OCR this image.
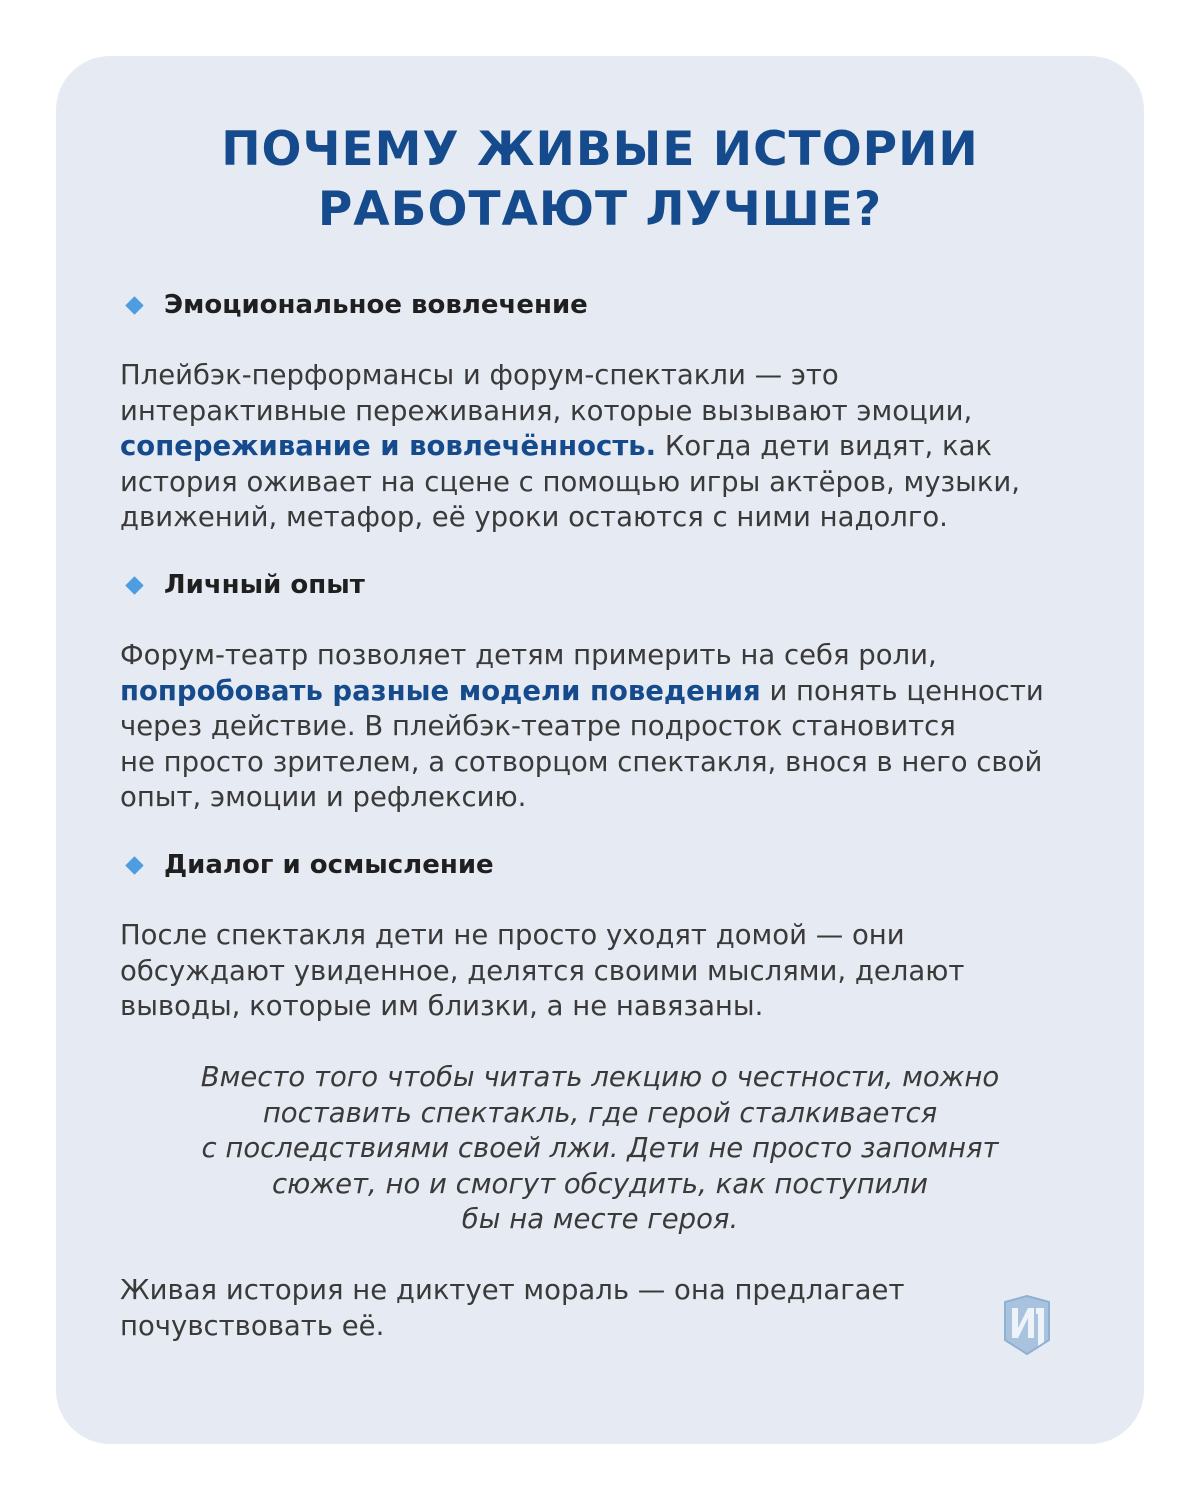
ПОЧЕМУ ЖИВЫЕ ИСТОРИИ
РАБОТАЮТ ЛУЧШЕ?
Эмоциональное вовлечение

Плейбэк-перформансы и форум-спектакли — это
интерактивные переживания, которые вызывают эмоции,
сопереживание и вовлечённость. Когда дети видят, как
история оживает на сцене с помощью игры актёров, музыки,
движений, метафор, её уроки остаются с ними надолго.

Личный опыт

Форум-театр позволяет детям примерить на себя роли,
попробовать разные модели поведения и понять ценности
через действие. В плейбэк-театре подросток становится
не просто зрителем, а сотворцом спектакля, внося в него свой
опыт, эмоции и рефлексию.

Диалог и осмысление

После спектакля дети не просто уходят домой — они
обсуждают увиденное, делятся своими мыслями, делают
выводы, которые им близки, а не навязаны.

Вместо того чтобы читать лекцию о честности, можно
поставить спектакль, где герой сталкивается
с последствиями своей лжи. Дети не просто запомнят
сюжет, но и смогут обсудить, как поступили
бы на месте героя.

Живая история не диктует мораль — она предлагает
почувствовать её.
